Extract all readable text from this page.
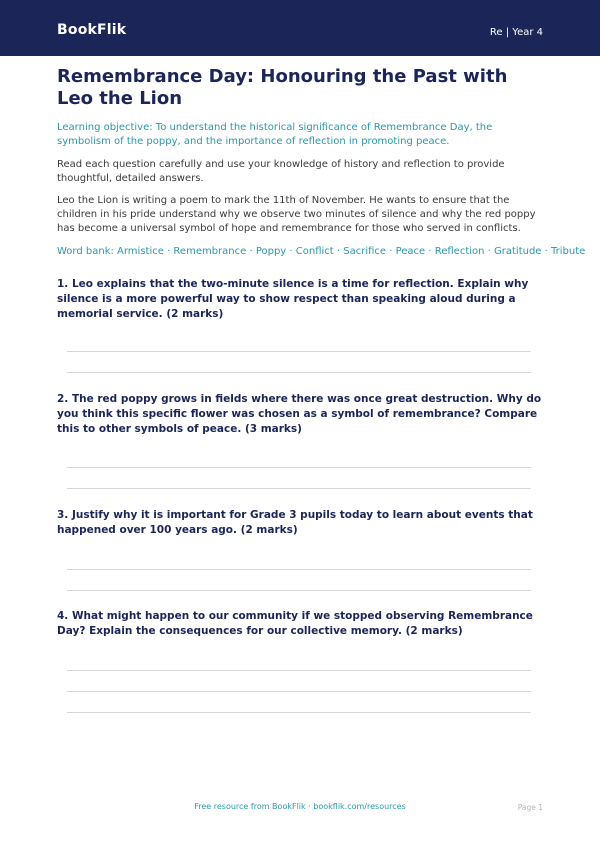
BookFlik	Re | Year 4
Remembrance Day: Honouring the Past with Leo the Lion

Learning objective: To understand the historical significance of Remembrance Day, the symbolism of the poppy, and the importance of reflection in promoting peace.

Read each question carefully and use your knowledge of history and reflection to provide thoughtful, detailed answers.

Leo the Lion is writing a poem to mark the 11th of November. He wants to ensure that the children in his pride understand why we observe two minutes of silence and why the red poppy has become a universal symbol of hope and remembrance for those who served in conflicts.

Word bank: Armistice · Remembrance · Poppy · Conflict · Sacrifice · Peace · Reflection · Gratitude · Tribute

1. Leo explains that the two-minute silence is a time for reflection. Explain why silence is a more powerful way to show respect than speaking aloud during a memorial service. (2 marks)

2. The red poppy grows in fields where there was once great destruction. Why do you think this specific flower was chosen as a symbol of remembrance? Compare this to other symbols of peace. (3 marks)

3. Justify why it is important for Grade 3 pupils today to learn about events that happened over 100 years ago. (2 marks)

4. What might happen to our community if we stopped observing Remembrance Day? Explain the consequences for our collective memory. (2 marks)

Free resource from BookFlik · bookflik.com/resources	Page 1
